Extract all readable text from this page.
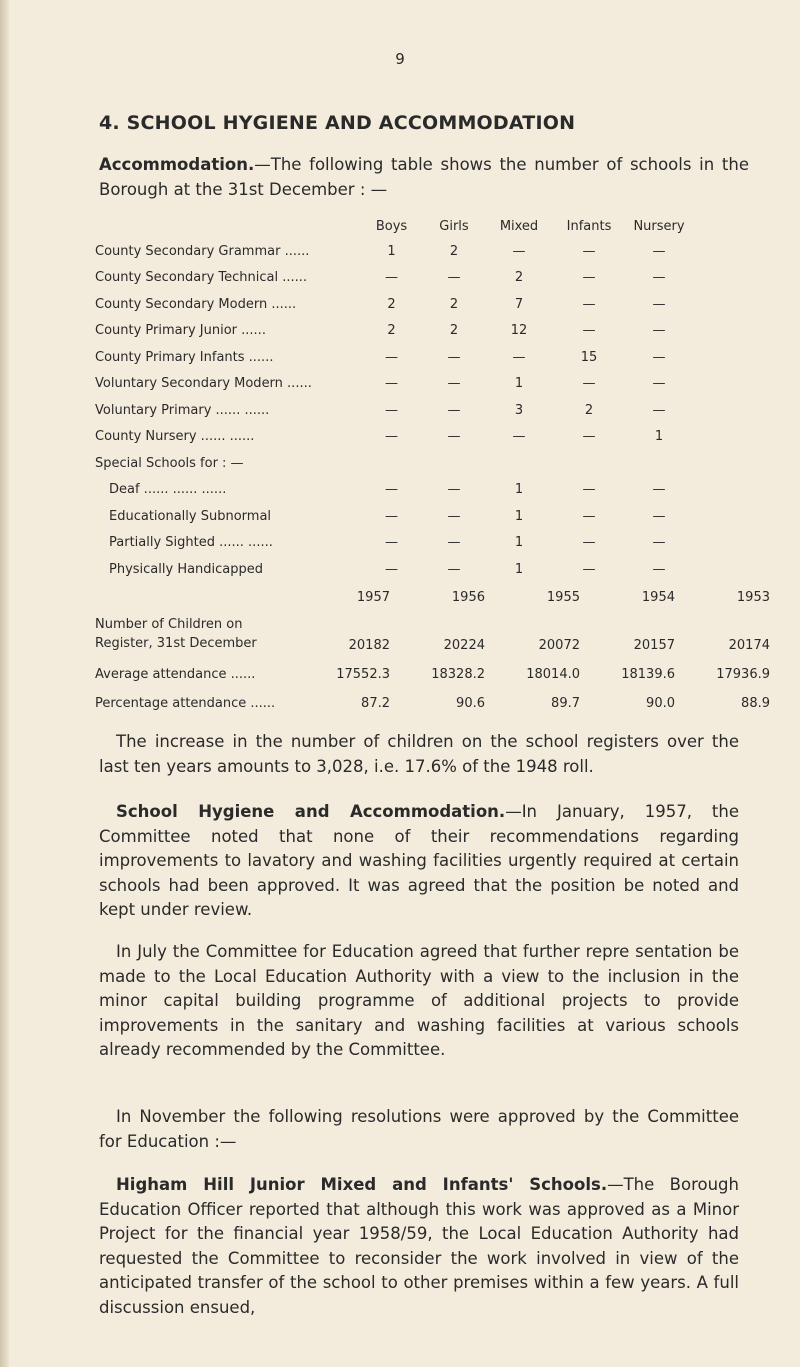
9
4. SCHOOL HYGIENE AND ACCOMMODATION

Accommodation.—The following table shows the number of schools in the Borough at the 31st December : —

	Boys	Girls	Mixed	Infants	Nursery
County Secondary Grammar ......	1	2	—	—	—
County Secondary Technical ......	—	—	2	—	—
County Secondary Modern ......	2	2	7	—	—
County Primary Junior ......	2	2	12	—	—
County Primary Infants ......	—	—	—	15	—
Voluntary Secondary Modern ......	—	—	1	—	—
Voluntary Primary ...... ......	—	—	3	2	—
County Nursery ...... ......	—	—	—	—	1
Special Schools for : —					
Deaf ...... ...... ......	—	—	1	—	—
Educationally Subnormal	—	—	1	—	—
Partially Sighted ...... ......	—	—	1	—	—
Physically Handicapped	—	—	1	—	—
	1957	1956	1955	1954	1953

Number of Children on
Register, 31st December	20182	20224	20072	20157	20174
Average attendance ......	17552.3	18328.2	18014.0	18139.6	17936.9
Percentage attendance ......	87.2	90.6	89.7	90.0	88.9

The increase in the number of children on the school registers over the last ten years amounts to 3,028, i.e. 17.6% of the 1948 roll.

School Hygiene and Accommodation.—In January, 1957, the Committee noted that none of their recommendations regarding improvements to lavatory and washing facilities urgently required at certain schools had been approved. It was agreed that the position be noted and kept under review.

In July the Committee for Education agreed that further repre sentation be made to the Local Education Authority with a view to the inclusion in the minor capital building programme of additional projects to provide improvements in the sanitary and washing facilities at various schools already recommended by the Committee.

In November the following resolutions were approved by the Committee for Education :—

Higham Hill Junior Mixed and Infants' Schools.—The Borough Education Officer reported that although this work was approved as a Minor Project for the financial year 1958/59, the Local Education Authority had requested the Committee to reconsider the work involved in view of the anticipated transfer of the school to other premises within a few years. A full discussion ensued,
